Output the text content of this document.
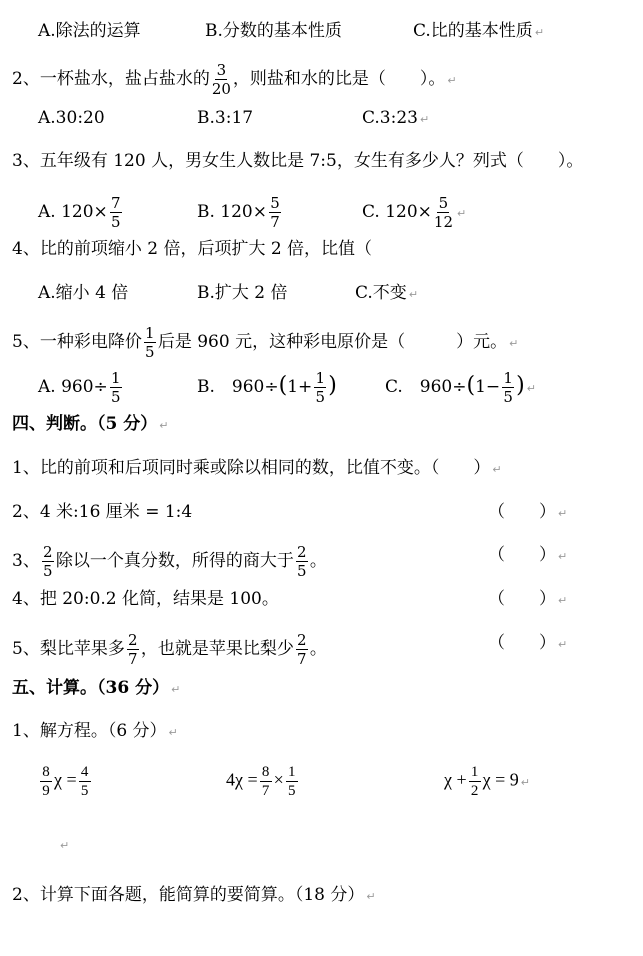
A.除法的运算	B.分数的基本性质	C.比的基本性质 ↵
2、一杯盐水，盐占盐水的 $\frac{3}{20}$ ，则盐和水的比是（　　）。 ↵
A.30:20	B.3:17	C.3:23 ↵
3、五年级有 120 人，男女生人数比是 7:5，女生有多少人？列式（　　）。
A. $120\times \frac{7}{5}$	B. $120\times \frac{5}{7}$	C. $120\times \frac{5}{12}$ ↵
4、比的前项缩小 2 倍，后项扩大 2 倍，比值（
A.缩小 4 倍	B.扩大 2 倍	C.不变 ↵
5、一种彩电降价 $\frac{1}{5}$ 后是 960 元，这种彩电原价是（　　　）元。 ↵
A. $960\div \frac{1}{5}$	B.　$960\div(1+ \frac{1}{5}$ )	C.　$960\div(1- \frac{1}{5}$ ) ↵
四、判断。（5 分） ↵
1、比的前项和后项同时乘或除以相同的数，比值不变。（　　） ↵
2、4 米:16 厘米 = 1:4	（　　） ↵
3、 $\frac{2}{5}$ 除以一个真分数，所得的商大于 $\frac{2}{5}$ 。	（　　） ↵
4、把 20:0.2 化简，结果是 100。	（　　） ↵
5、梨比苹果多 $\frac{2}{7}$ ，也就是苹果比梨少 $\frac{2}{7}$ 。	（　　） ↵
五、计算。（36 分） ↵
1、解方程。（6 分） ↵
$\frac{8}{9}$ $\chi = \frac{4}{5}$	$4\chi = \frac{8}{7} \times \frac{1}{5}$	$\chi + \frac{1}{2}$ χ = 9 ↵
↵
2、计算下面各题，能简算的要简算。（18 分） ↵
